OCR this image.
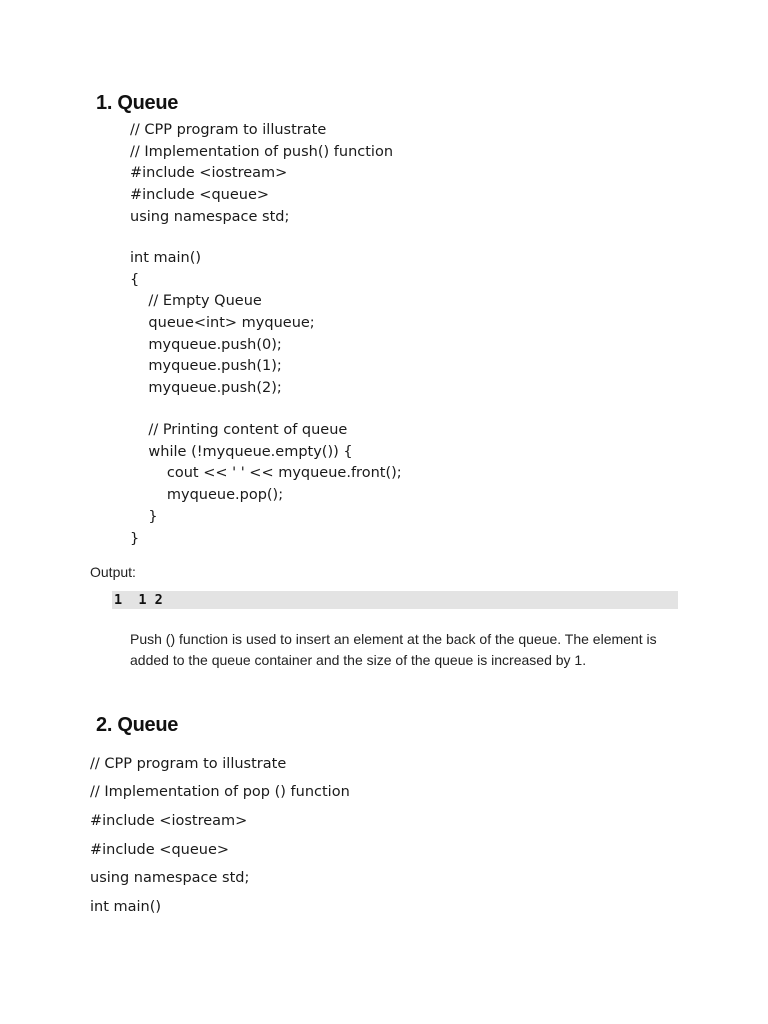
1. Queue
// CPP program to illustrate
// Implementation of push() function
#include <iostream>
#include <queue>
using namespace std;
int main()
{
// Empty Queue
queue<int> myqueue;
myqueue.push(0);
myqueue.push(1);
myqueue.push(2);
// Printing content of queue
while (!myqueue.empty()) {
cout << ' ' << myqueue.front();
myqueue.pop();
}
}
Output:
1  1 2

Push () function is used to insert an element at the back of the queue. The element is added to the queue container and the size of the queue is increased by 1.

2. Queue
// CPP program to illustrate
// Implementation of pop () function
#include <iostream>
#include <queue>
using namespace std;
int main()
